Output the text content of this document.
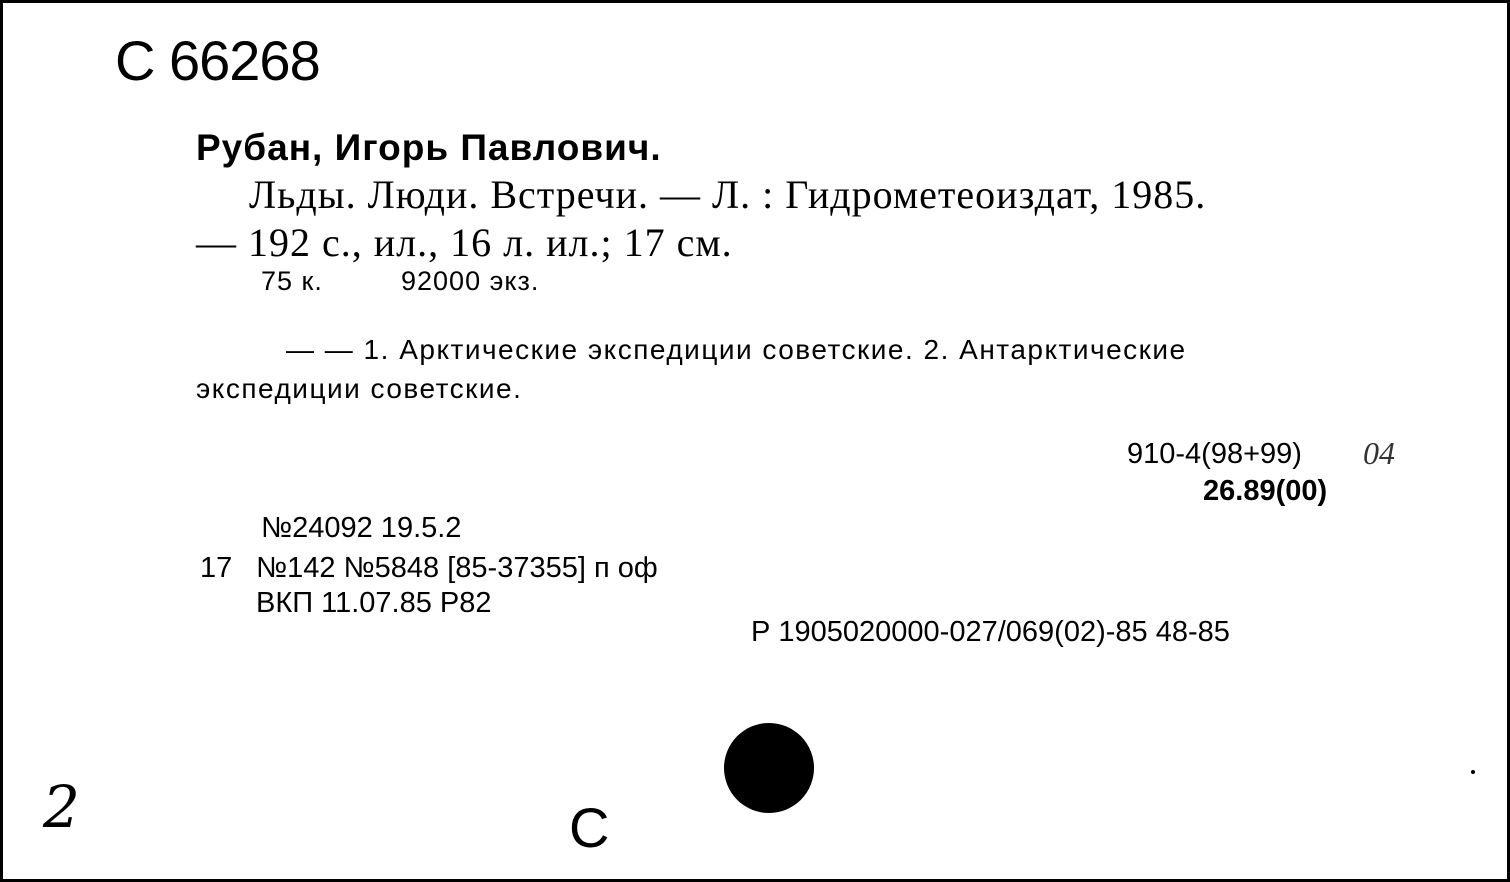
С 66268
Рубан, Игорь Павлович.
Льды. Люди. Встречи. — Л. : Гидрометеоиздат, 1985.
— 192 с., ил., 16 л. ил.; 17 см.
75 к.	92000 экз.
— — 1. Арктические экспедиции советские. 2. Антарктические
экспедиции советские.
910-4(98+99) 04
26.89(00)
№24092 19.5.2
17 №142 №5848 [85-37355] п оф
ВКП 11.07.85 Р82
Р 1905020000-027/069(02)-85 48-85
2	С
